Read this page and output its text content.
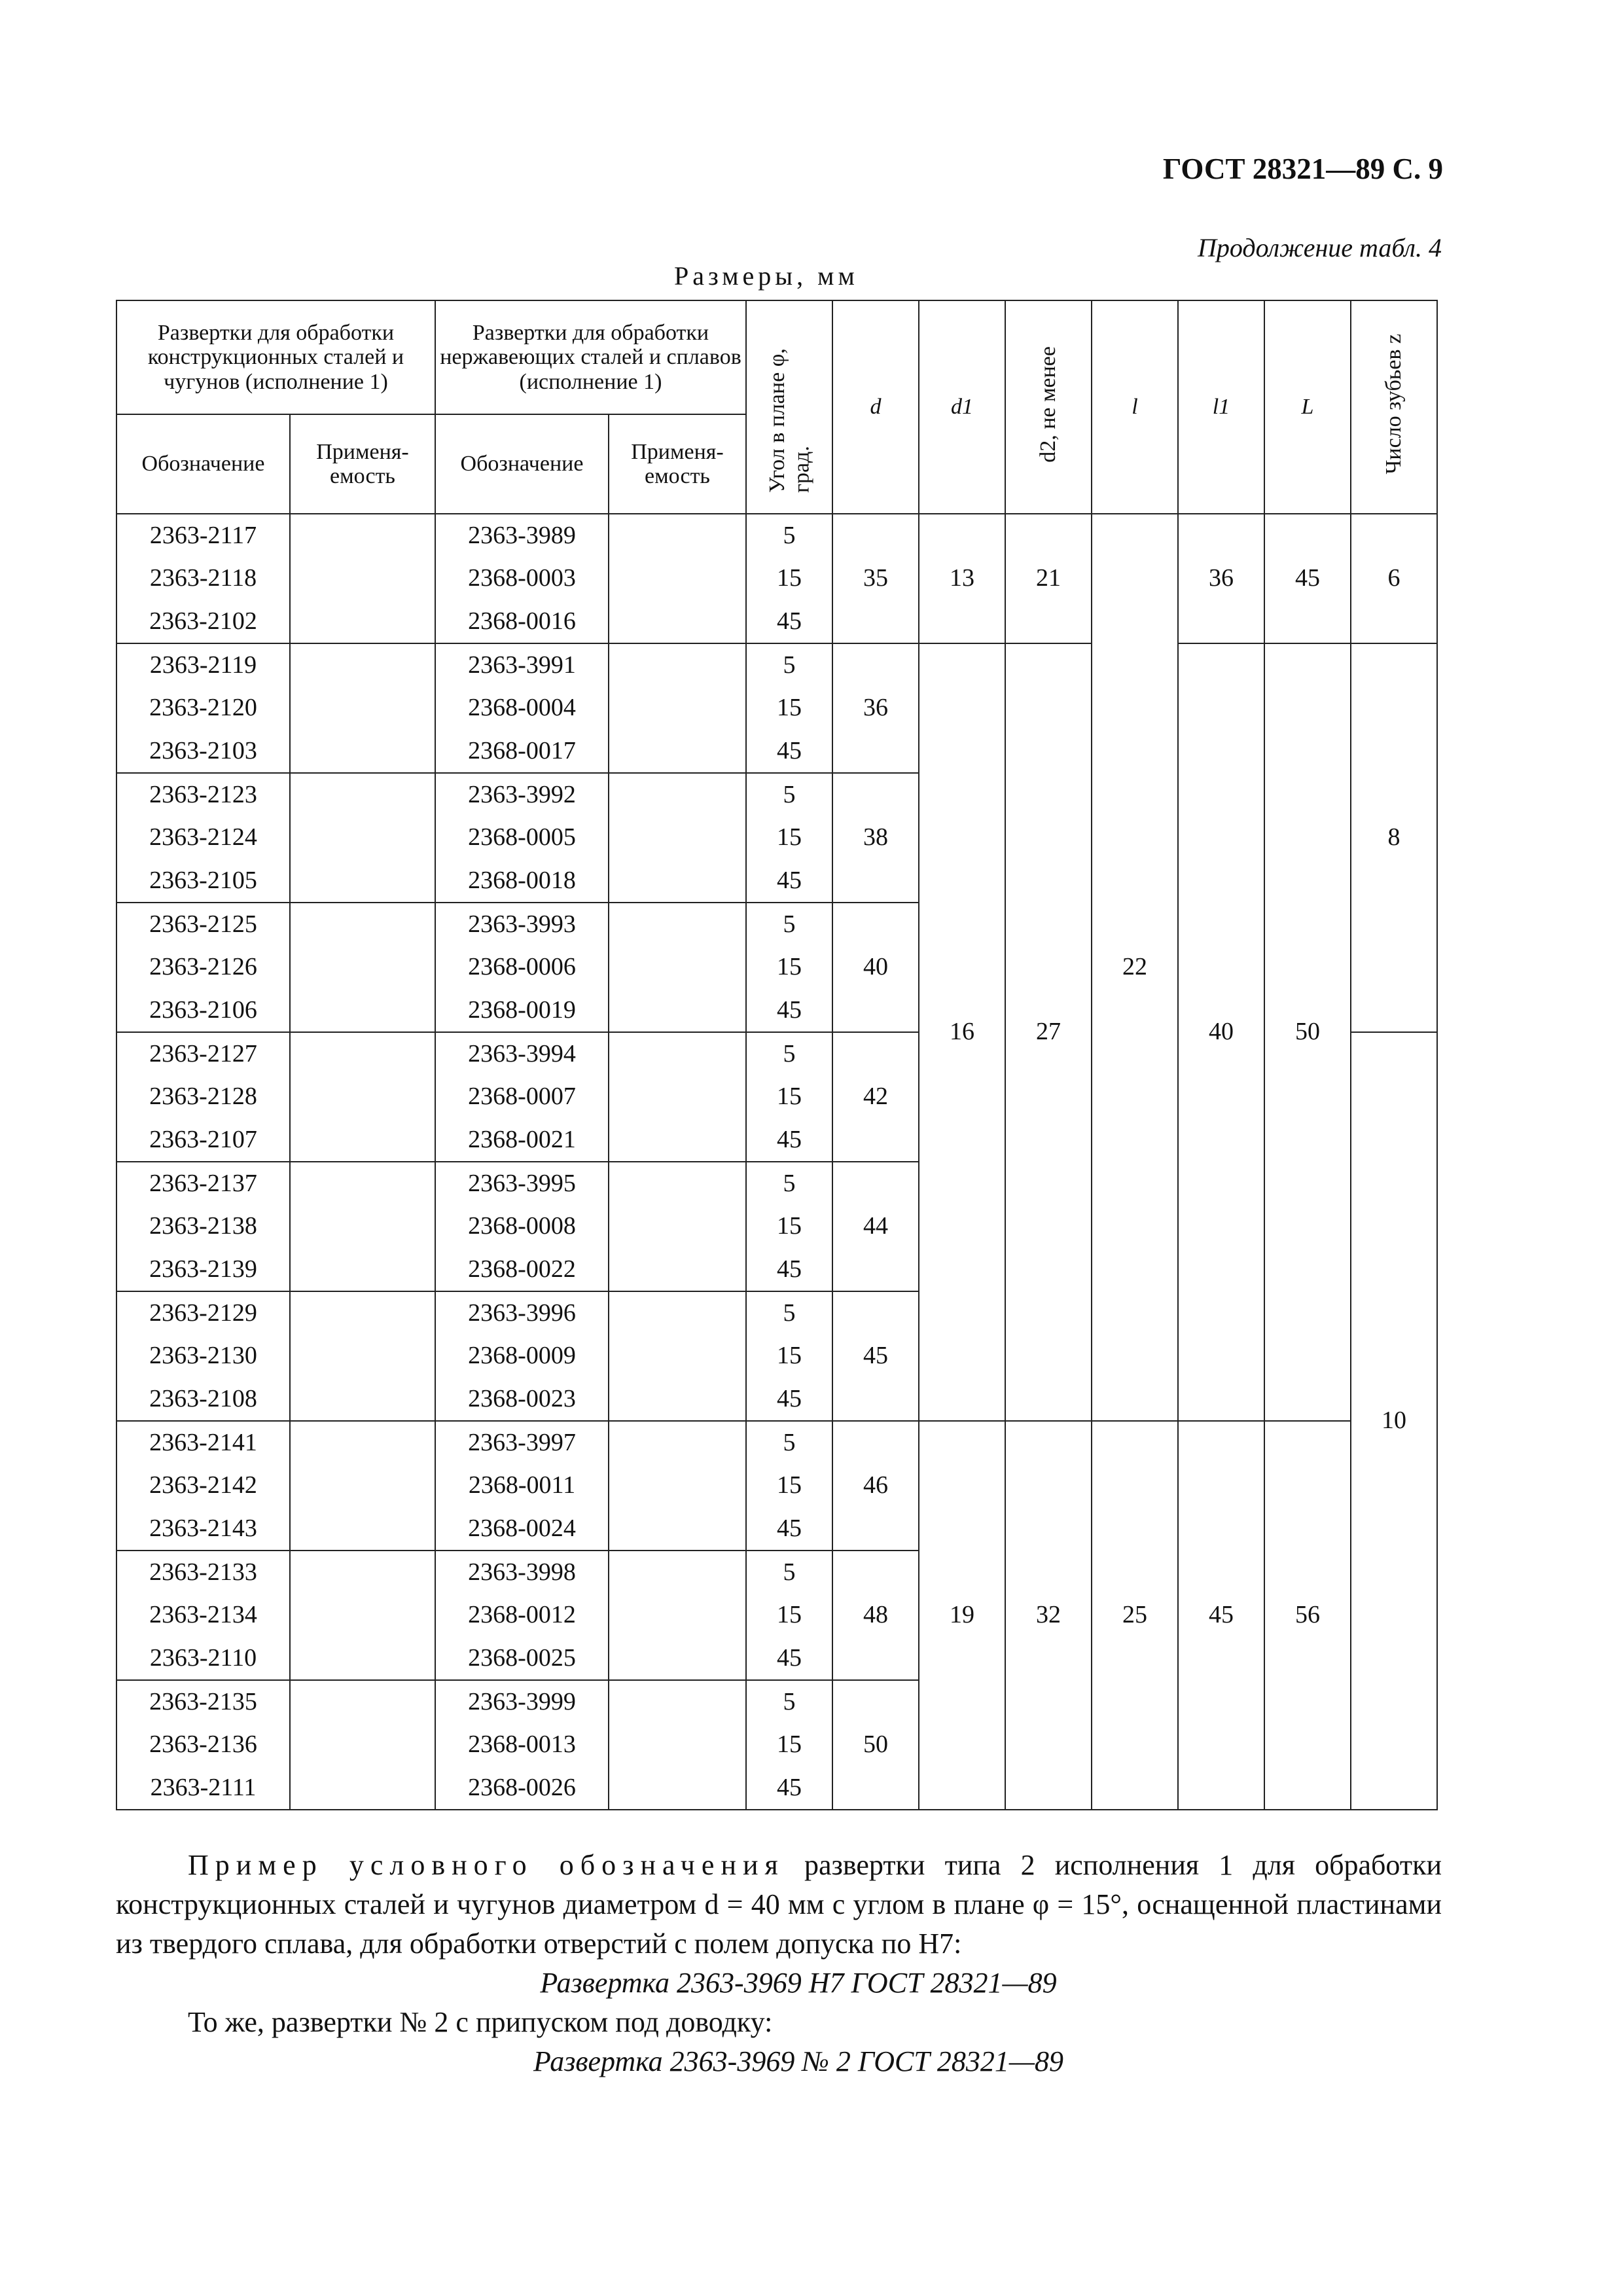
ГОСТ 28321—89 С. 9
Продолжение табл. 4
Размеры, мм
Развертки для обработки конструкционных сталей и чугунов (исполнение 1)		Развертки для обработки нержавеющих сталей и сплавов (исполнение 1)		Угол в плане φ, град.	d	d1	d2, не менее	l	l1	L	Число зубьев z
Обозначение	Применя-емость	Обозначение	Применя-емость								
2363-2117		2363-3989		5	35	13	21	22	36	45	6
2363-2118		2368-0003		15							
2363-2102		2368-0016		45							
2363-2119		2363-3991		5	36	16	27		40	50	8
2363-2120		2368-0004		15							
2363-2103		2368-0017		45							
2363-2123		2363-3992		5	38						
2363-2124		2368-0005		15							
2363-2105		2368-0018		45							
2363-2125		2363-3993		5	40						
2363-2126		2368-0006		15							
2363-2106		2368-0019		45							
2363-2127		2363-3994		5	42						10
2363-2128		2368-0007		15							
2363-2107		2368-0021		45							
2363-2137		2363-3995		5	44						
2363-2138		2368-0008		15							
2363-2139		2368-0022		45							
2363-2129		2363-3996		5	45						
2363-2130		2368-0009		15							
2363-2108		2368-0023		45							
2363-2141		2363-3997		5	46	19	32	25	45	56	
2363-2142		2368-0011		15							
2363-2143		2368-0024		45							
2363-2133		2363-3998		5	48						
2363-2134		2368-0012		15							
2363-2110		2368-0025		45							
2363-2135		2363-3999		5	50						
2363-2136		2368-0013		15							
2363-2111		2368-0026		45							

Пример условного обозначения развертки типа 2 исполнения 1 для обработки конструкционных сталей и чугунов диаметром d = 40 мм с углом в плане φ = 15°, оснащенной пластинами из твердого сплава, для обработки отверстий с полем допуска по H7:

Развертка 2363-3969 H7 ГОСТ 28321—89

То же, развертки № 2 с припуском под доводку:

Развертка 2363-3969 № 2 ГОСТ 28321—89
